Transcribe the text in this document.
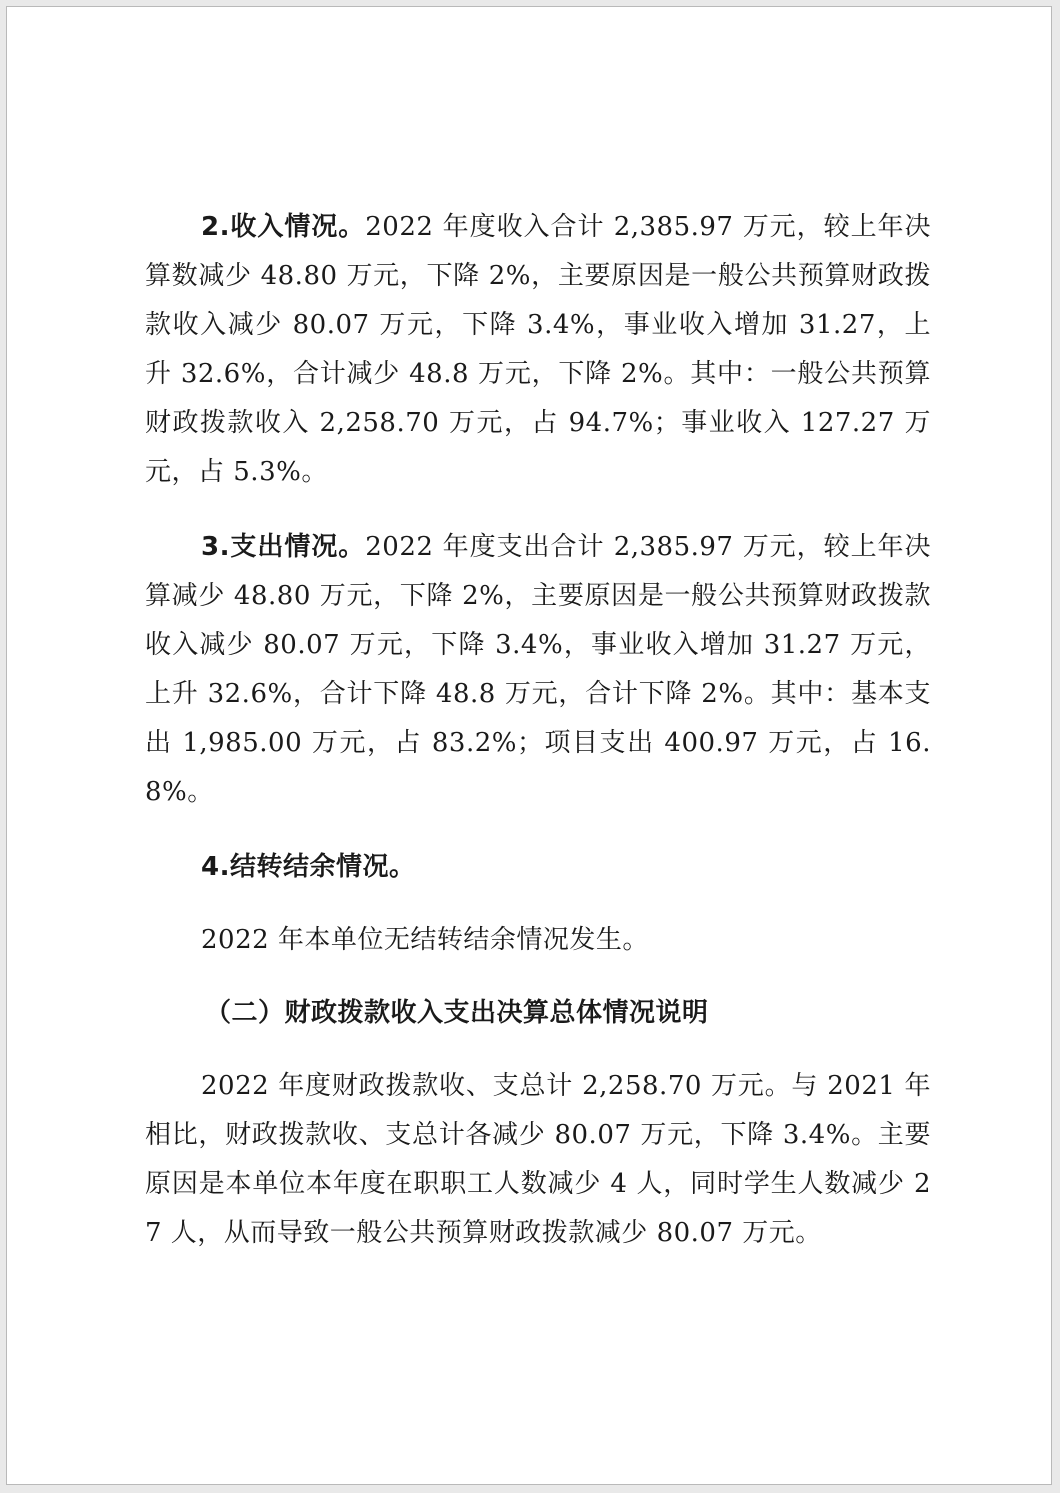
2.收入情况。2022 年度收入合计 2,385.97 万元，较上年决算数减少 48.80 万元，下降 2%，主要原因是一般公共预算财政拨款收入减少 80.07 万元，下降 3.4%，事业收入增加 31.27，上升 32.6%，合计减少 48.8 万元，下降 2%。其中：一般公共预算财政拨款收入 2,258.70 万元，占 94.7%；事业收入 127.27 万元，占 5.3%。

3.支出情况。2022 年度支出合计 2,385.97 万元，较上年决算减少 48.80 万元，下降 2%，主要原因是一般公共预算财政拨款收入减少 80.07 万元，下降 3.4%，事业收入增加 31.27 万元，上升 32.6%，合计下降 48.8 万元，合计下降 2%。其中：基本支出 1,985.00 万元，占 83.2%；项目支出 400.97 万元，占 16.8%。

4.结转结余情况。

2022 年本单位无结转结余情况发生。

（二）财政拨款收入支出决算总体情况说明

2022 年度财政拨款收、支总计 2,258.70 万元。与 2021 年相比，财政拨款收、支总计各减少 80.07 万元，下降 3.4%。主要原因是本单位本年度在职职工人数减少 4 人，同时学生人数减少 27 人，从而导致一般公共预算财政拨款减少 80.07 万元。
